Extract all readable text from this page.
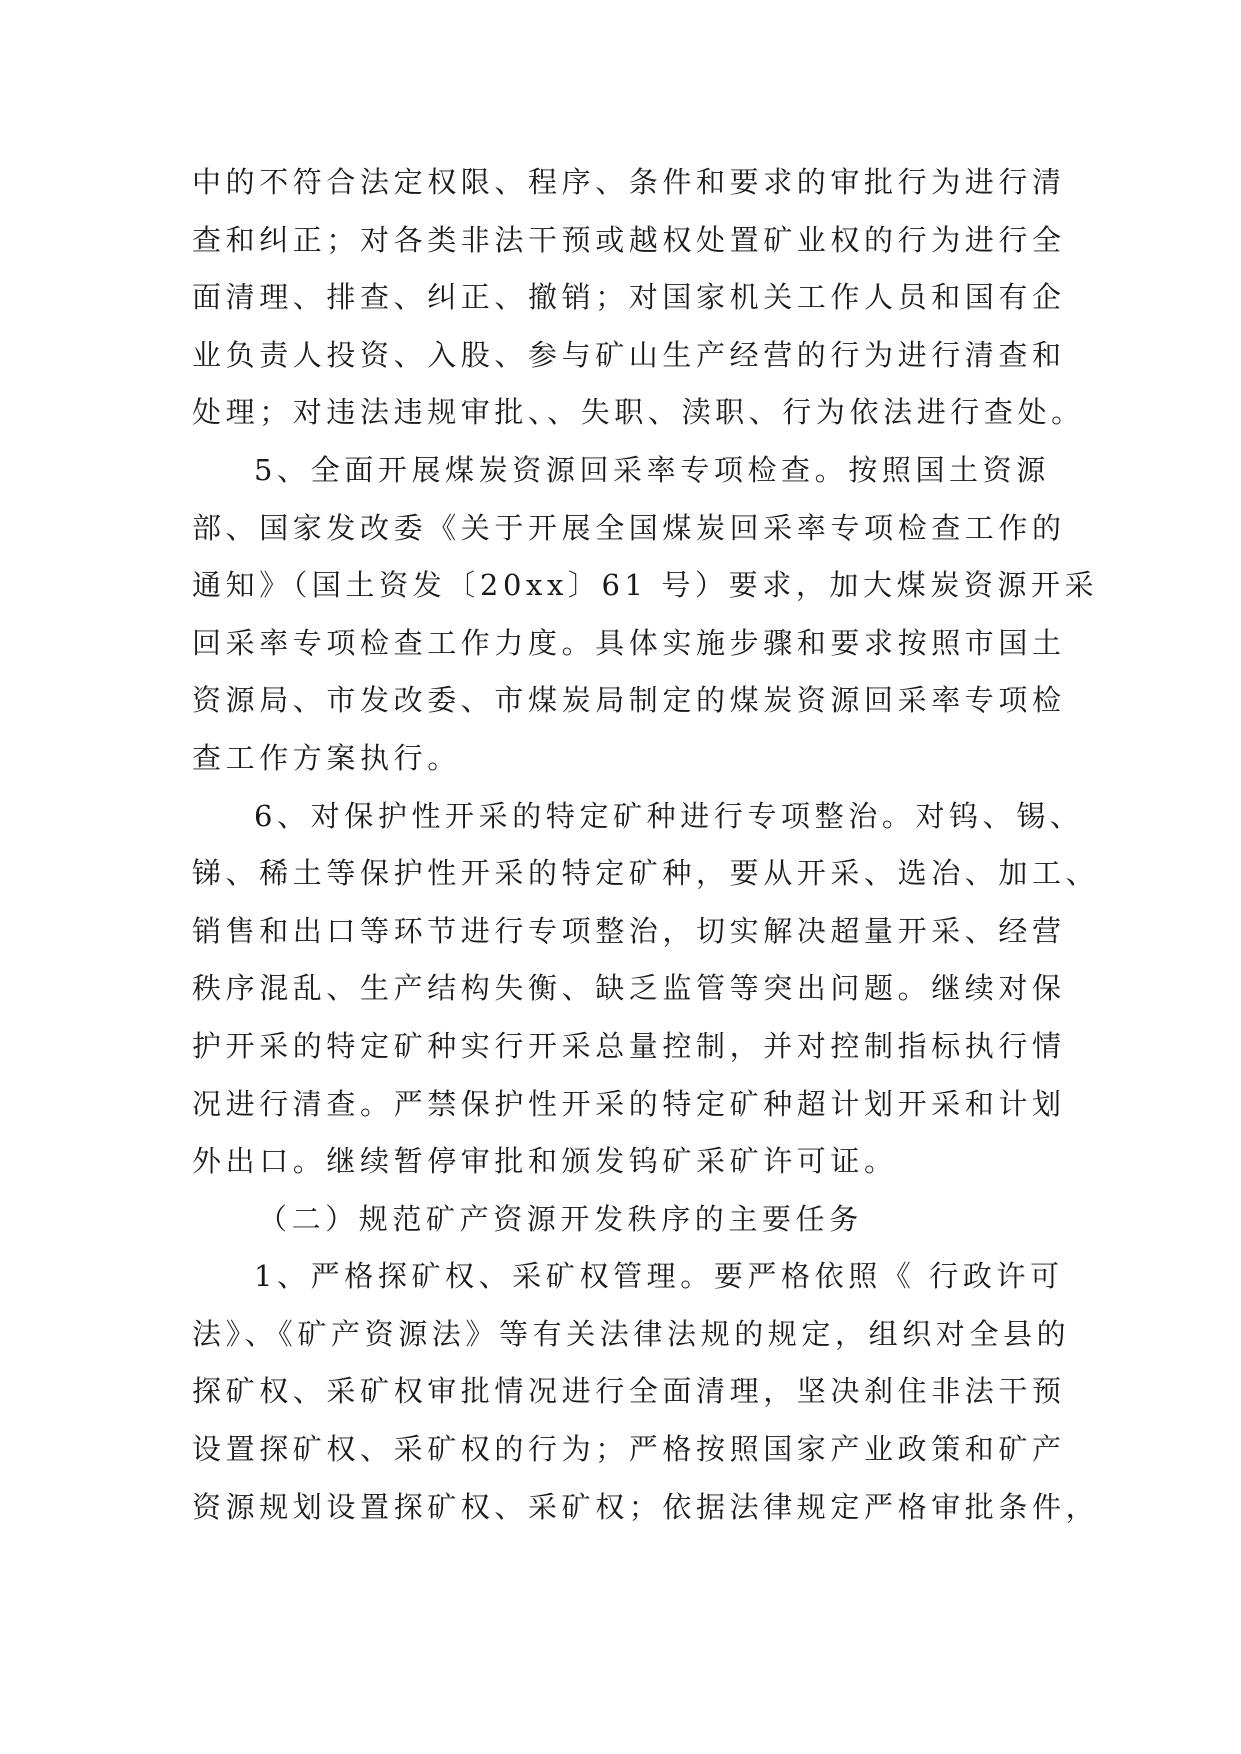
中的不符合法定权限、程序、条件和要求的审批行为进行清
查和纠正；对各类非法干预或越权处置矿业权的行为进行全
面清理、排查、纠正、撤销；对国家机关工作人员和国有企
业负责人投资、入股、参与矿山生产经营的行为进行清查和
处理；对违法违规审批、、失职、渎职、行为依法进行查处。
5、全面开展煤炭资源回采率专项检查。按照国土资源
部、国家发改委《关于开展全国煤炭回采率专项检查工作的
通知》（国土资发〔20xx〕61 号）要求，加大煤炭资源开采
回采率专项检查工作力度。具体实施步骤和要求按照市国土
资源局、市发改委、市煤炭局制定的煤炭资源回采率专项检
查工作方案执行。
6、对保护性开采的特定矿种进行专项整治。对钨、锡、
锑、稀土等保护性开采的特定矿种，要从开采、选冶、加工、
销售和出口等环节进行专项整治，切实解决超量开采、经营
秩序混乱、生产结构失衡、缺乏监管等突出问题。继续对保
护开采的特定矿种实行开采总量控制，并对控制指标执行情
况进行清查。严禁保护性开采的特定矿种超计划开采和计划
外出口。继续暂停审批和颁发钨矿采矿许可证。
（二）规范矿产资源开发秩序的主要任务
1、严格探矿权、采矿权管理。要严格依照《 行政许可
法》、《矿产资源法》等有关法律法规的规定，组织对全县的
探矿权、采矿权审批情况进行全面清理，坚决刹住非法干预
设置探矿权、采矿权的行为；严格按照国家产业政策和矿产
资源规划设置探矿权、采矿权；依据法律规定严格审批条件，
